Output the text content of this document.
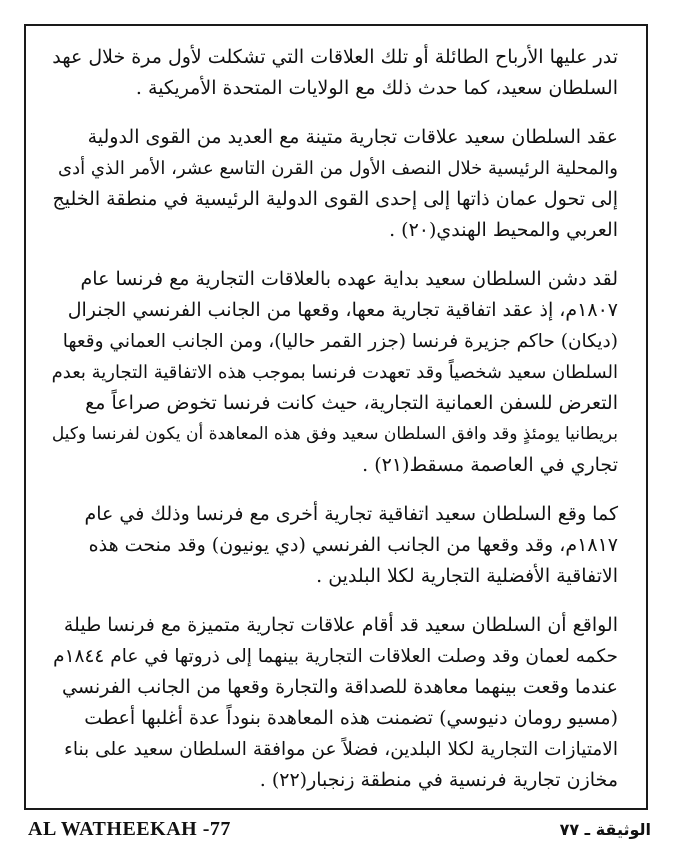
تدر عليها الأرباح الطائلة أو تلك العلاقات التي تشكلت لأول مرة خلال عهد
السلطان سعيد، كما حدث ذلك مع الولايات المتحدة الأمريكية .

عقد السلطان سعيد علاقات تجارية متينة مع العديد من القوى الدولية
والمحلية الرئيسية خلال النصف الأول من القرن التاسع عشر، الأمر الذي أدى
إلى تحول عمان ذاتها إلى إحدى القوى الدولية الرئيسية في منطقة الخليج
العربي والمحيط الهندي(٢٠) .

لقد دشن السلطان سعيد بداية عهده بالعلاقات التجارية مع فرنسا عام
١٨٠٧م، إذ عقد اتفاقية تجارية معها، وقعها من الجانب الفرنسي الجنرال
(ديكان) حاكم جزيرة فرنسا (جزر القمر حاليا)، ومن الجانب العماني وقعها
السلطان سعيد شخصياً وقد تعهدت فرنسا بموجب هذه الاتفاقية التجارية بعدم
التعرض للسفن العمانية التجارية، حيث كانت فرنسا تخوض صراعاً مع
بريطانيا يومئذٍ وقد وافق السلطان سعيد وفق هذه المعاهدة أن يكون لفرنسا وكيل
تجاري في العاصمة مسقط(٢١) .

كما وقع السلطان سعيد اتفاقية تجارية أخرى مع فرنسا وذلك في عام
١٨١٧م، وقد وقعها من الجانب الفرنسي (دي يونيون) وقد منحت هذه
الاتفاقية الأفضلية التجارية لكلا البلدين .

الواقع أن السلطان سعيد قد أقام علاقات تجارية متميزة مع فرنسا طيلة
حكمه لعمان وقد وصلت العلاقات التجارية بينهما إلى ذروتها في عام ١٨٤٤م
عندما وقعت بينهما معاهدة للصداقة والتجارة وقعها من الجانب الفرنسي
(مسيو رومان دنيوسي) تضمنت هذه المعاهدة بنوداً عدة أغلبها أعطت
الامتيازات التجارية لكلا البلدين، فضلاً عن موافقة السلطان سعيد على بناء
مخازن تجارية فرنسية في منطقة زنجبار(٢٢) .

AL WATHEEKAH -77	الوثيقة ـ ٧٧
